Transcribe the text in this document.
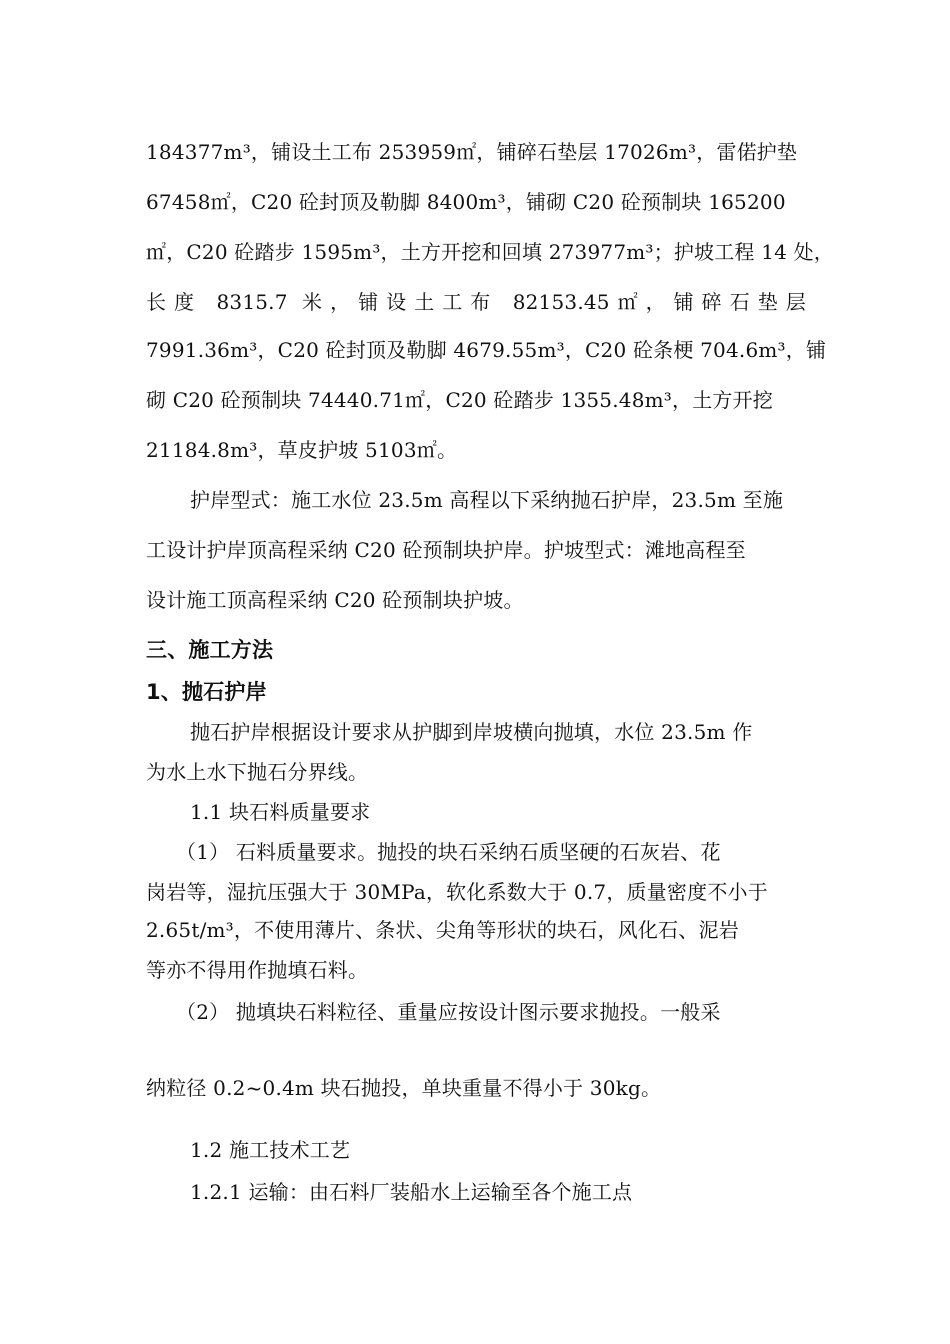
184377m³，铺设土工布 253959㎡，铺碎石垫层 17026m³，雷偌护垫
67458㎡，C20 砼封顶及勒脚 8400m³，铺砌 C20 砼预制块 165200
㎡，C20 砼踏步 1595m³，土方开挖和回填 273977m³；护坡工程 14 处，
长度 8315.7 米，铺设土工布 82153.45㎡，铺碎石垫层
7991.36m³，C20 砼封顶及勒脚 4679.55m³，C20 砼条梗 704.6m³，铺
砌 C20 砼预制块 74440.71㎡，C20 砼踏步 1355.48m³，土方开挖
21184.8m³，草皮护坡 5103㎡。
护岸型式：施工水位 23.5m 高程以下采纳抛石护岸，23.5m 至施
工设计护岸顶高程采纳 C20 砼预制块护岸。护坡型式：滩地高程至
设计施工顶高程采纳 C20 砼预制块护坡。
三、施工方法
1、抛石护岸
抛石护岸根据设计要求从护脚到岸坡横向抛填，水位 23.5m 作
为水上水下抛石分界线。
1.1 块石料质量要求
（1） 石料质量要求。抛投的块石采纳石质坚硬的石灰岩、花
岗岩等，湿抗压强大于 30MPa，软化系数大于 0.7，质量密度不小于
2.65t/m³，不使用薄片、条状、尖角等形状的块石，风化石、泥岩
等亦不得用作抛填石料。
（2） 抛填块石料粒径、重量应按设计图示要求抛投。一般采
纳粒径 0.2~0.4m 块石抛投，单块重量不得小于 30kg。
1.2 施工技术工艺
1.2.1 运输：由石料厂装船水上运输至各个施工点
